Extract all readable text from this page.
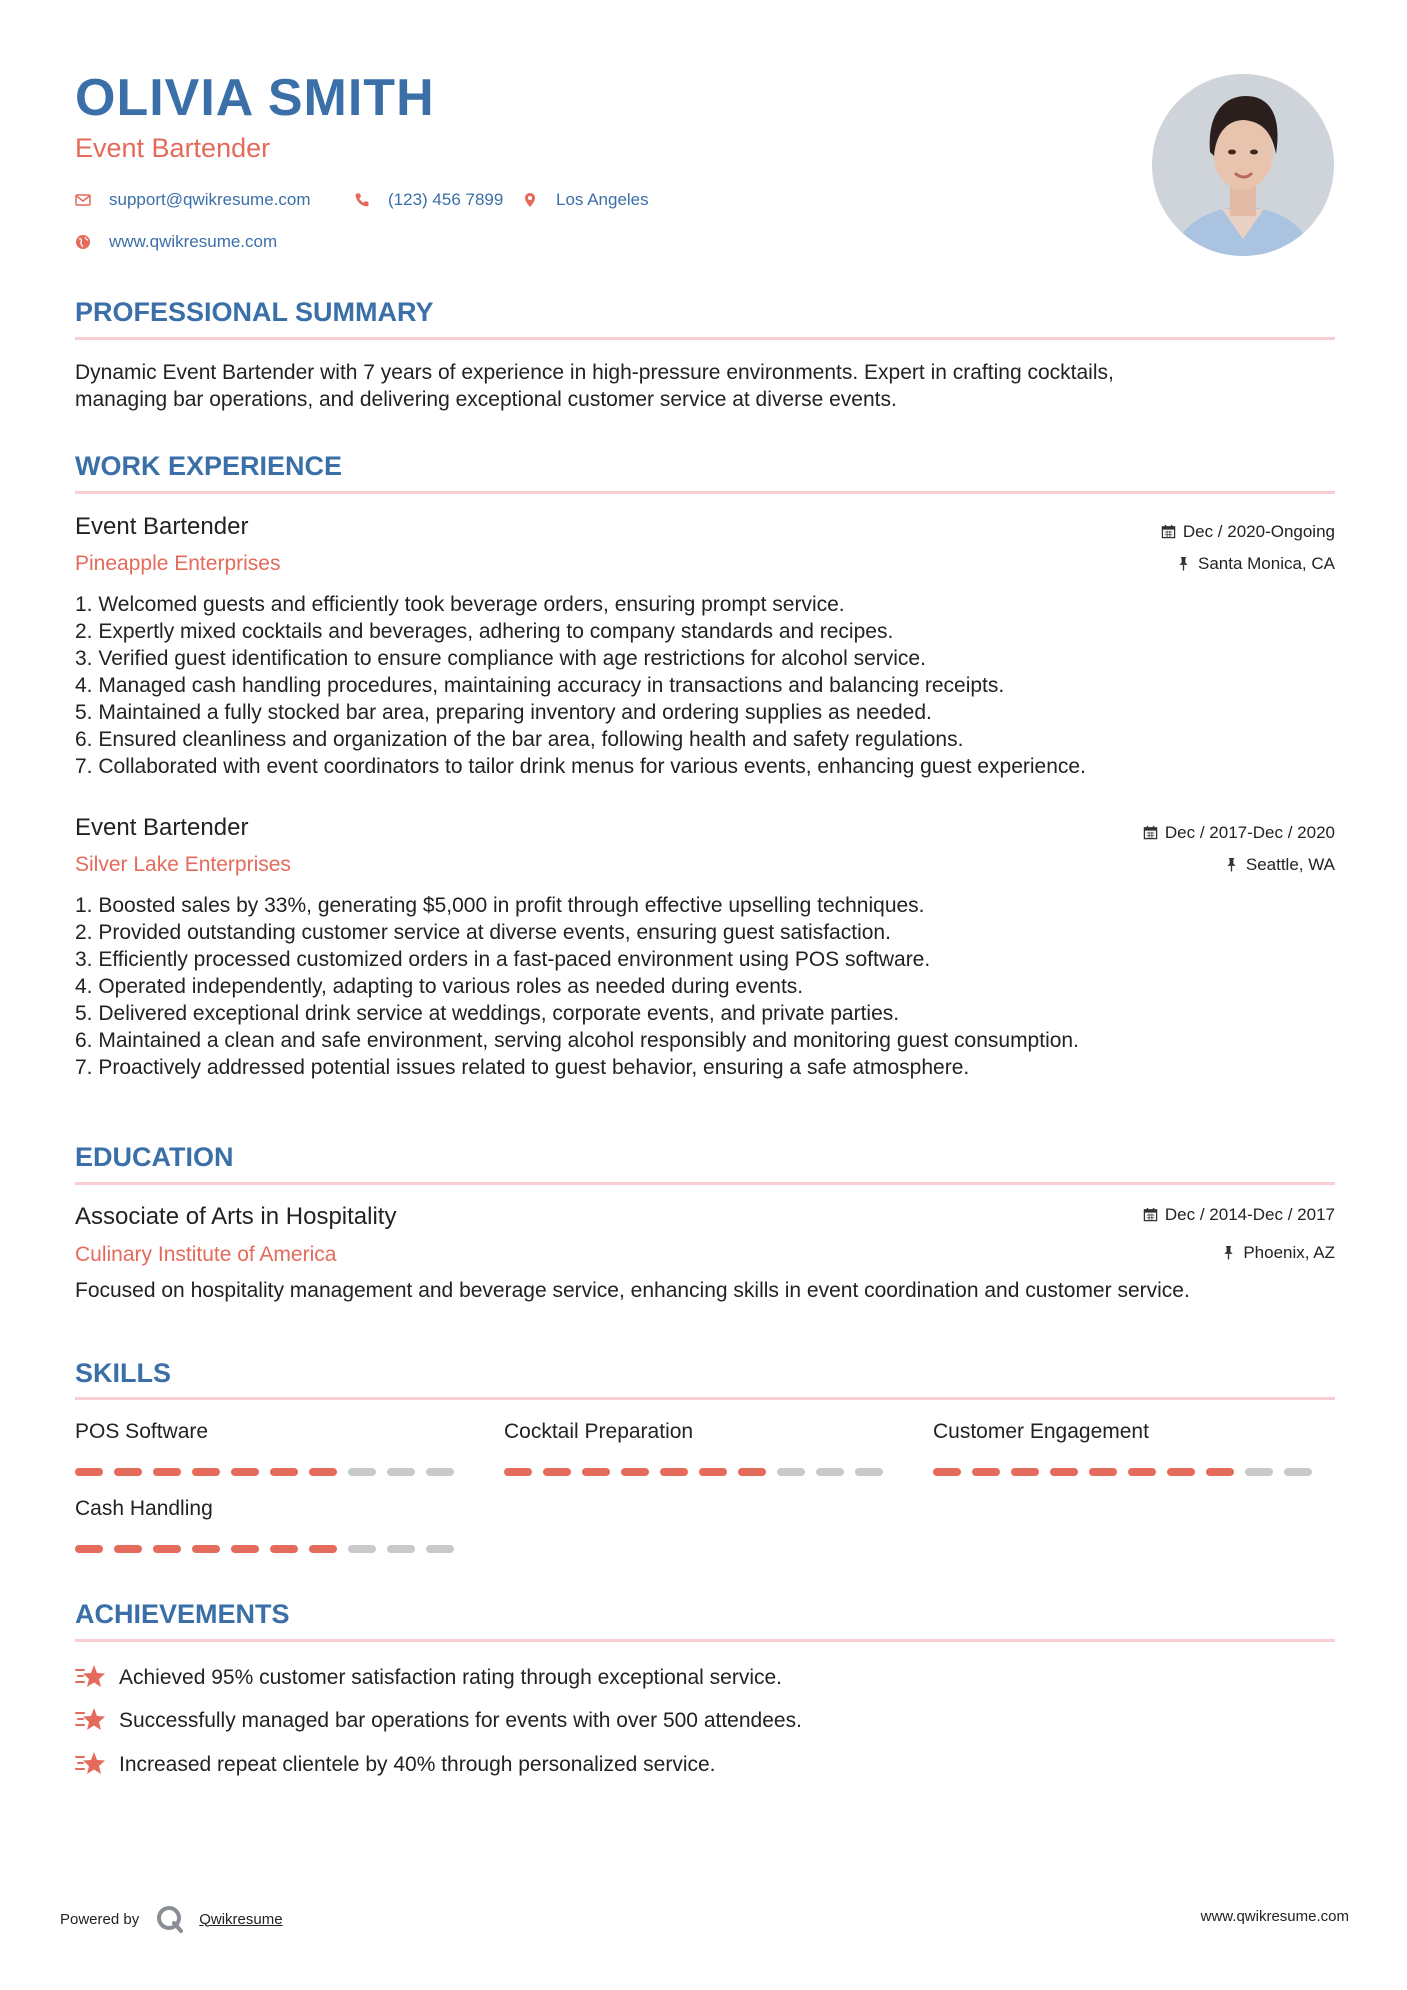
OLIVIA SMITH
Event Bartender
support@qwikresume.com	(123) 456 7899	Los Angeles
www.qwikresume.com
PROFESSIONAL SUMMARY
Dynamic Event Bartender with 7 years of experience in high-pressure environments. Expert in crafting cocktails,
managing bar operations, and delivering exceptional customer service at diverse events.
WORK EXPERIENCE
Event Bartender
Pineapple Enterprises
Dec / 2020-Ongoing
Santa Monica, CA
1. Welcomed guests and efficiently took beverage orders, ensuring prompt service.
2. Expertly mixed cocktails and beverages, adhering to company standards and recipes.
3. Verified guest identification to ensure compliance with age restrictions for alcohol service.
4. Managed cash handling procedures, maintaining accuracy in transactions and balancing receipts.
5. Maintained a fully stocked bar area, preparing inventory and ordering supplies as needed.
6. Ensured cleanliness and organization of the bar area, following health and safety regulations.
7. Collaborated with event coordinators to tailor drink menus for various events, enhancing guest experience.
Event Bartender
Silver Lake Enterprises
Dec / 2017-Dec / 2020
Seattle, WA
1. Boosted sales by 33%, generating $5,000 in profit through effective upselling techniques.
2. Provided outstanding customer service at diverse events, ensuring guest satisfaction.
3. Efficiently processed customized orders in a fast-paced environment using POS software.
4. Operated independently, adapting to various roles as needed during events.
5. Delivered exceptional drink service at weddings, corporate events, and private parties.
6. Maintained a clean and safe environment, serving alcohol responsibly and monitoring guest consumption.
7. Proactively addressed potential issues related to guest behavior, ensuring a safe atmosphere.
EDUCATION
Associate of Arts in Hospitality
Culinary Institute of America
Dec / 2014-Dec / 2017
Phoenix, AZ
Focused on hospitality management and beverage service, enhancing skills in event coordination and customer service.
SKILLS
POS Software	Cocktail Preparation	Customer Engagement
Cash Handling
ACHIEVEMENTS
Achieved 95% customer satisfaction rating through exceptional service.
Successfully managed bar operations for events with over 500 attendees.
Increased repeat clientele by 40% through personalized service.
Powered by	Qwikresume	www.qwikresume.com
